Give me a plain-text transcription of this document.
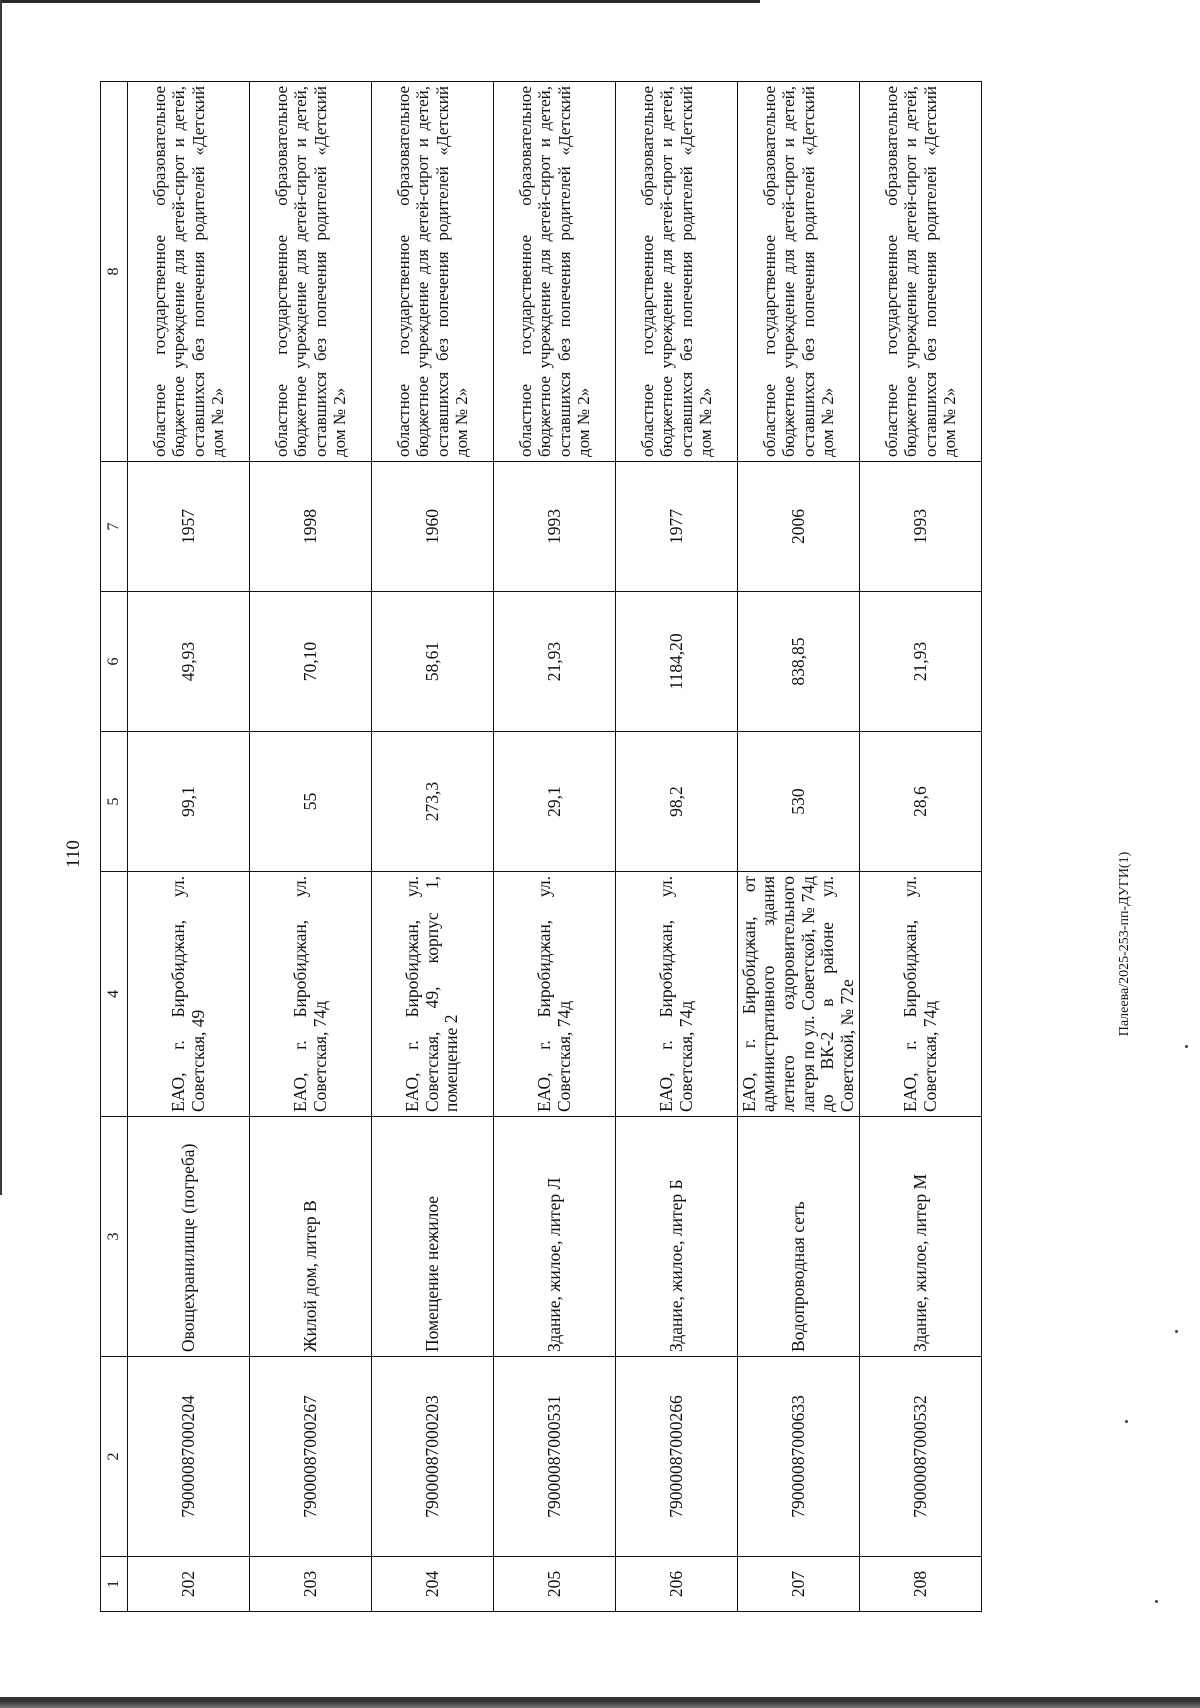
110	Палеева/2025-253-пп-ДУГИ(1)
1	2	3	4	5	6	7	8
202	79000087000204	Овощехранилище (погреба)	ЕАО, г. Биробиджан, ул. Советская, 49	99,1	49,93	1957	областное государственное образовательное бюджетное учреждение для детей-сирот и детей, оставшихся без попечения родителей «Детский дом № 2»
203	79000087000267	Жилой дом, литер В	ЕАО, г. Биробиджан, ул. Советская, 74д	55	70,10	1998	областное государственное образовательное бюджетное учреждение для детей-сирот и детей, оставшихся без попечения родителей «Детский дом № 2»
204	79000087000203	Помещение нежилое	ЕАО, г. Биробиджан, ул. Советская, 49, корпус 1, помещение 2	273,3	58,61	1960	областное государственное образовательное бюджетное учреждение для детей-сирот и детей, оставшихся без попечения родителей «Детский дом № 2»
205	79000087000531	Здание, жилое, литер Л	ЕАО, г. Биробиджан, ул. Советская, 74д	29,1	21,93	1993	областное государственное образовательное бюджетное учреждение для детей-сирот и детей, оставшихся без попечения родителей «Детский дом № 2»
206	79000087000266	Здание, жилое, литер Б	ЕАО, г. Биробиджан, ул. Советская, 74д	98,2	1184,20	1977	областное государственное образовательное бюджетное учреждение для детей-сирот и детей, оставшихся без попечения родителей «Детский дом № 2»
207	79000087000633	Водопроводная сеть	ЕАО, г. Биробиджан, от административного здания летнего оздоровительного лагеря по ул. Советской, № 74д до ВК-2 в районе ул. Советской, № 72е	530	838,85	2006	областное государственное образовательное бюджетное учреждение для детей-сирот и детей, оставшихся без попечения родителей «Детский дом № 2»
208	79000087000532	Здание, жилое, литер М	ЕАО, г. Биробиджан, ул. Советская, 74д	28,6	21,93	1993	областное государственное образовательное бюджетное учреждение для детей-сирот и детей, оставшихся без попечения родителей «Детский дом № 2»
